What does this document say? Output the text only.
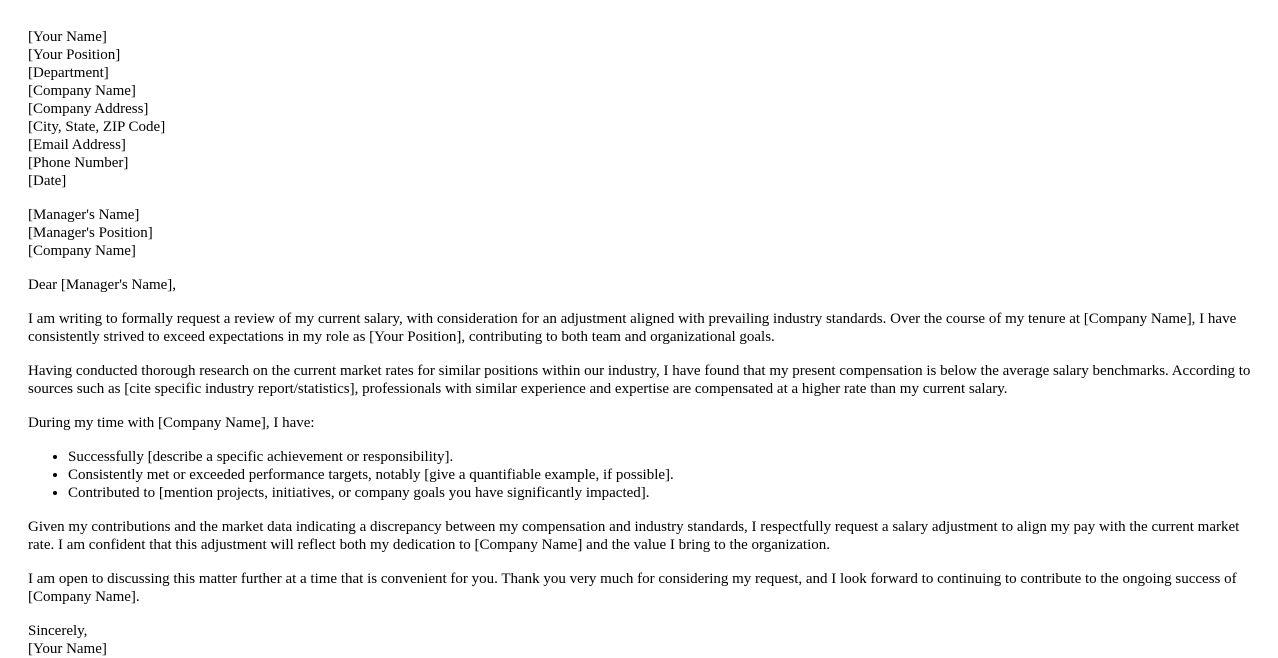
[Your Name]
[Your Position]
[Department]
[Company Name]
[Company Address]
[City, State, ZIP Code]
[Email Address]
[Phone Number]
[Date]
[Manager's Name]
[Manager's Position]
[Company Name]

Dear [Manager's Name],

I am writing to formally request a review of my current salary, with consideration for an adjustment aligned with prevailing industry standards. Over the course of my tenure at [Company Name], I have consistently strived to exceed expectations in my role as [Your Position], contributing to both team and organizational goals.

Having conducted thorough research on the current market rates for similar positions within our industry, I have found that my present compensation is below the average salary benchmarks. According to sources such as [cite specific industry report/statistics], professionals with similar experience and expertise are compensated at a higher rate than my current salary.

During my time with [Company Name], I have:

• Successfully [describe a specific achievement or responsibility].
• Consistently met or exceeded performance targets, notably [give a quantifiable example, if possible].
• Contributed to [mention projects, initiatives, or company goals you have significantly impacted].

Given my contributions and the market data indicating a discrepancy between my compensation and industry standards, I respectfully request a salary adjustment to align my pay with the current market rate. I am confident that this adjustment will reflect both my dedication to [Company Name] and the value I bring to the organization.

I am open to discussing this matter further at a time that is convenient for you. Thank you very much for considering my request, and I look forward to continuing to contribute to the ongoing success of [Company Name].

Sincerely,
[Your Name]
